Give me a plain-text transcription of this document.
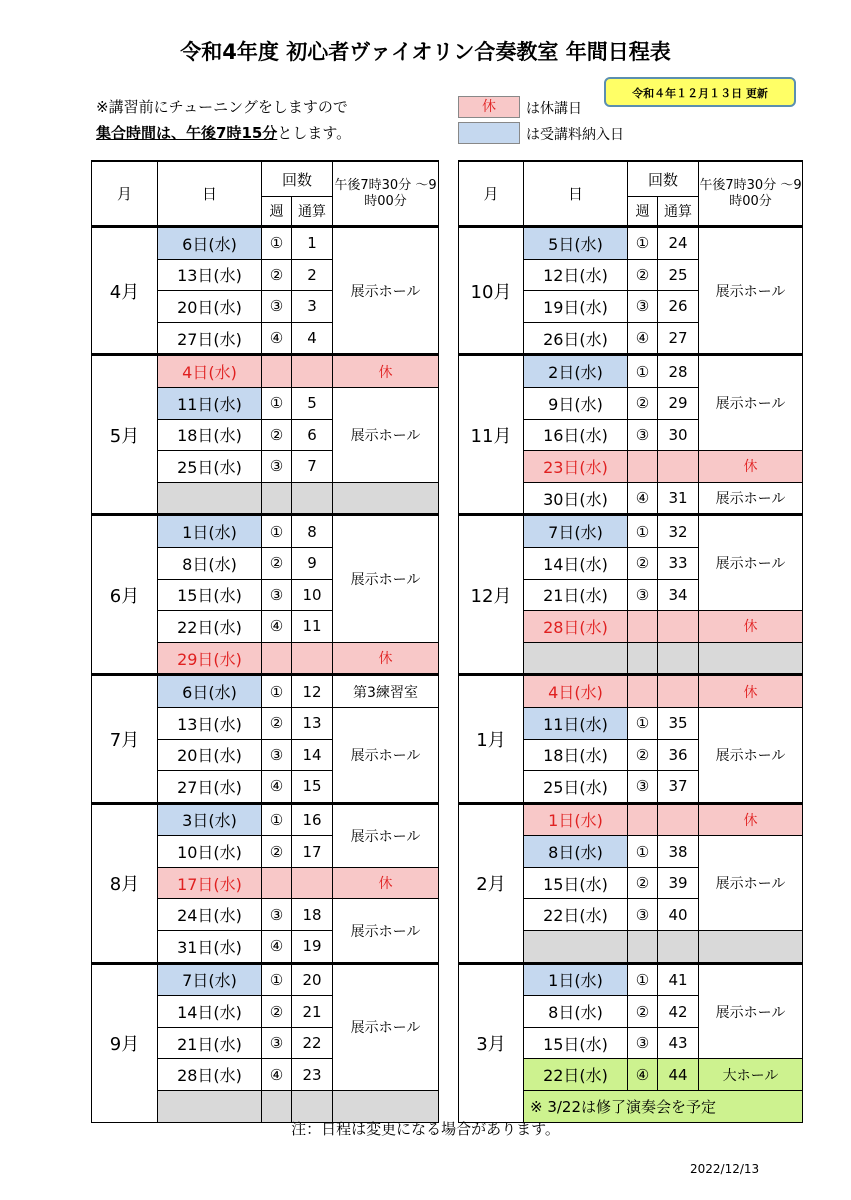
令和4年度 初心者ヴァイオリン合奏教室 年間日程表
※講習前にチューニングをしますので
集合時間は、午後7時15分とします。
令和４年１２月１３日 更新
休	は休講日
は受講料納入日
月	日	回数		午後7時30分 ～9時00分
		週	通算	
4月	6日(水)	①	1	展示ホール
	13日(水)	②	2	
	20日(水)	③	3	
	27日(水)	④	4	
5月	4日(水)			休
	11日(水)	①	5	展示ホール
	18日(水)	②	6	
	25日(水)	③	7	

6月	1日(水)	①	8	展示ホール
	8日(水)	②	9	
	15日(水)	③	10	
	22日(水)	④	11	
	29日(水)			休
7月	6日(水)	①	12	第3練習室
	13日(水)	②	13	展示ホール
	20日(水)	③	14	
	27日(水)	④	15	
8月	3日(水)	①	16	展示ホール
	10日(水)	②	17	
	17日(水)			休
	24日(水)	③	18	展示ホール
	31日(水)	④	19	
9月	7日(水)	①	20	展示ホール
	14日(水)	②	21	
	21日(水)	③	22	
	28日(水)	④	23	

月	日	回数		午後7時30分 ～9時00分
		週	通算	
10月	5日(水)	①	24	展示ホール
	12日(水)	②	25	
	19日(水)	③	26	
	26日(水)	④	27	
11月	2日(水)	①	28	展示ホール
	9日(水)	②	29	
	16日(水)	③	30	
	23日(水)			休
	30日(水)	④	31	展示ホール
12月	7日(水)	①	32	展示ホール
	14日(水)	②	33	
	21日(水)	③	34	
	28日(水)			休

1月	4日(水)			休
	11日(水)	①	35	展示ホール
	18日(水)	②	36	
	25日(水)	③	37	
2月	1日(水)			休
	8日(水)	①	38	展示ホール
	15日(水)	②	39	
	22日(水)	③	40	

3月	1日(水)	①	41	展示ホール
	8日(水)	②	42	
	15日(水)	③	43	
	22日(水)	④	44	大ホール
	※ 3/22は修了演奏会を予定			
注：日程は変更になる場合があります。
2022/12/13
